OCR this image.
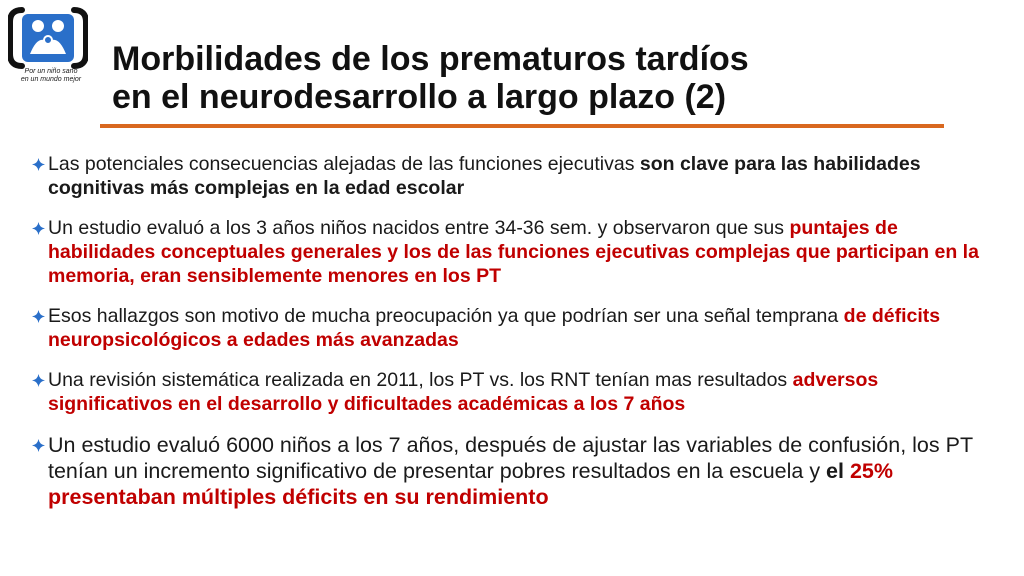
Por un niño sano
en un mundo mejor
Morbilidades de los prematuros tardíos
en el neurodesarrollo a largo plazo (2)
Las potenciales consecuencias alejadas de las funciones ejecutivas son clave para las habilidades cognitivas más complejas en la edad escolar
Un estudio evaluó a los 3 años niños nacidos entre 34-36 sem. y observaron que sus puntajes de habilidades conceptuales generales y los de las funciones ejecutivas complejas que participan en la memoria, eran sensiblemente menores en los PT
Esos hallazgos son motivo de mucha preocupación ya que podrían ser una señal temprana de déficits neuropsicológicos a edades más avanzadas
Una revisión sistemática realizada en 2011, los PT vs. los RNT tenían mas resultados adversos significativos en el desarrollo y dificultades académicas a los 7 años
Un estudio evaluó 6000 niños a los 7 años, después de ajustar las variables de confusión, los PT tenían un incremento significativo de presentar pobres resultados en la escuela y el 25% presentaban múltiples déficits en su rendimiento
